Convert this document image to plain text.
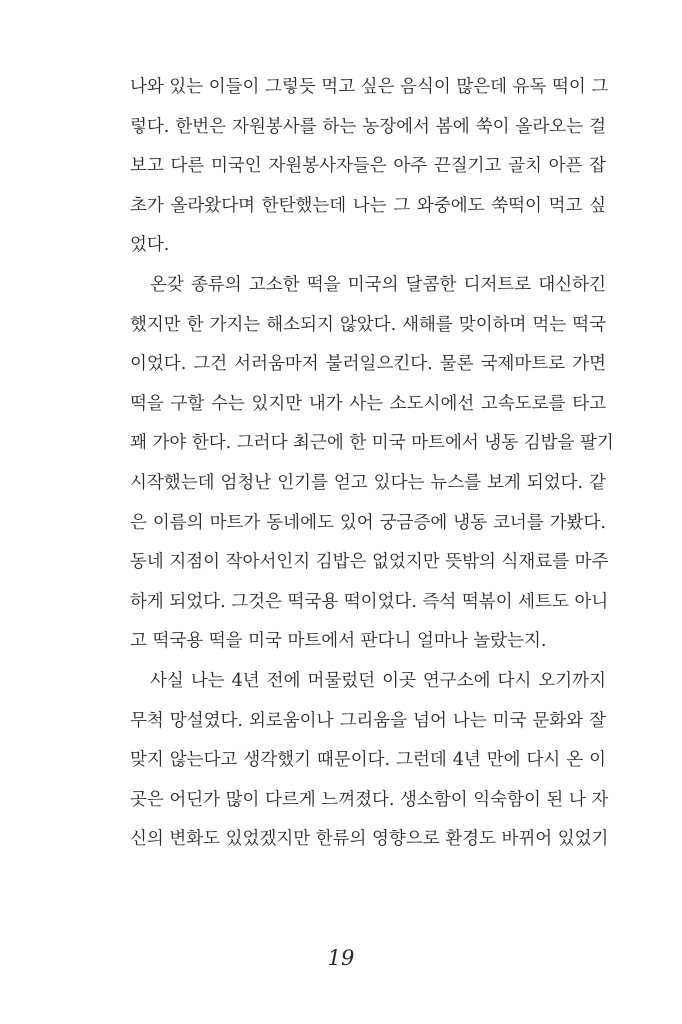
나와 있는 이들이 그렇듯 먹고 싶은 음식이 많은데 유독 떡이 그
렇다. 한번은 자원봉사를 하는 농장에서 봄에 쑥이 올라오는 걸
보고 다른 미국인 자원봉사자들은 아주 끈질기고 골치 아픈 잡
초가 올라왔다며 한탄했는데 나는 그 와중에도 쑥떡이 먹고 싶
었다.
온갖 종류의 고소한 떡을 미국의 달콤한 디저트로 대신하긴
했지만 한 가지는 해소되지 않았다. 새해를 맞이하며 먹는 떡국
이었다. 그건 서러움마저 불러일으킨다. 물론 국제마트로 가면
떡을 구할 수는 있지만 내가 사는 소도시에선 고속도로를 타고
꽤 가야 한다. 그러다 최근에 한 미국 마트에서 냉동 김밥을 팔기
시작했는데 엄청난 인기를 얻고 있다는 뉴스를 보게 되었다. 같
은 이름의 마트가 동네에도 있어 궁금증에 냉동 코너를 가봤다.
동네 지점이 작아서인지 김밥은 없었지만 뜻밖의 식재료를 마주
하게 되었다. 그것은 떡국용 떡이었다. 즉석 떡볶이 세트도 아니
고 떡국용 떡을 미국 마트에서 판다니 얼마나 놀랐는지.
사실 나는 4년 전에 머물렀던 이곳 연구소에 다시 오기까지
무척 망설였다. 외로움이나 그리움을 넘어 나는 미국 문화와 잘
맞지 않는다고 생각했기 때문이다. 그런데 4년 만에 다시 온 이
곳은 어딘가 많이 다르게 느껴졌다. 생소함이 익숙함이 된 나 자
신의 변화도 있었겠지만 한류의 영향으로 환경도 바뀌어 있었기
19
